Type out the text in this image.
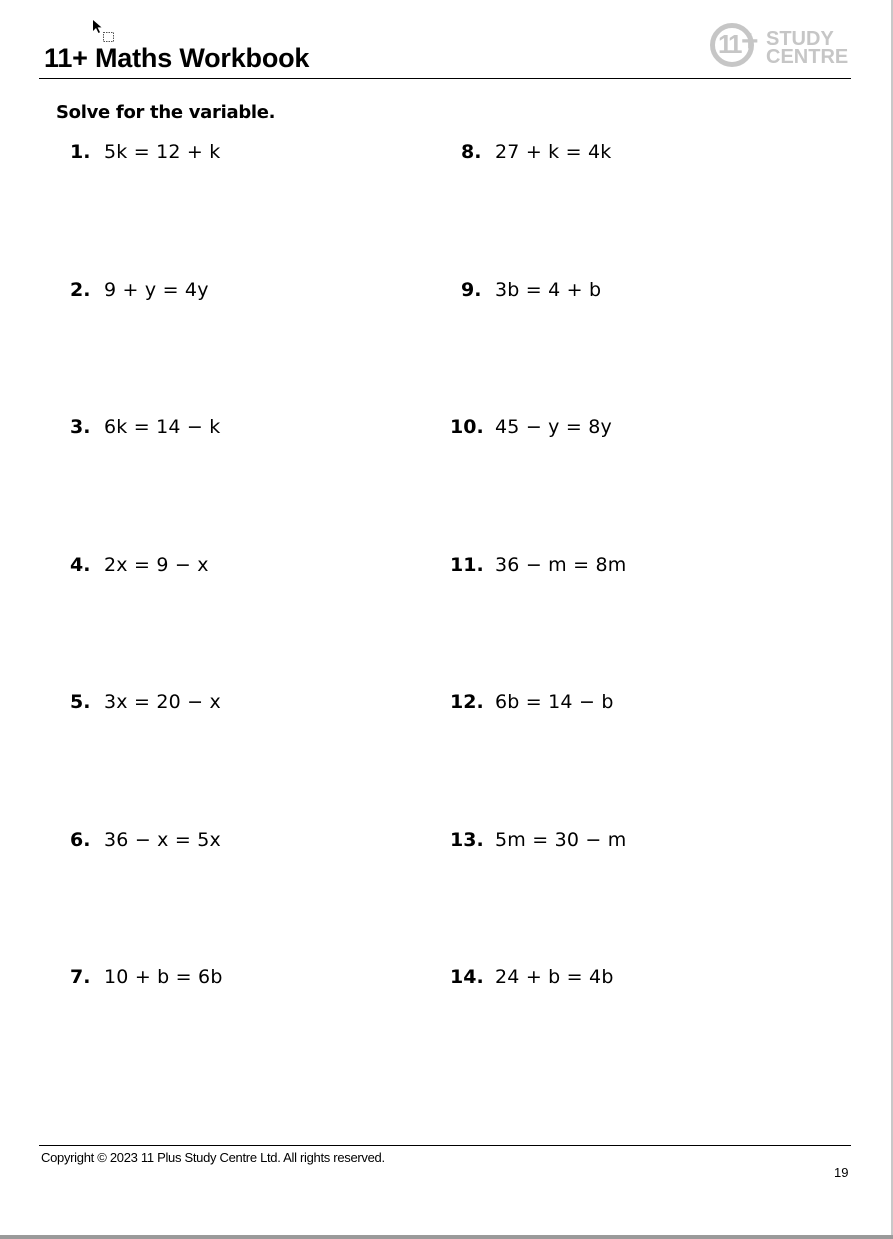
11+ Maths Workbook	11 + STUDY
CENTRE
Solve for the variable.
1. 5k = 12 + k
2. 9 + y = 4y
3. 6k = 14 − k
4. 2x = 9 − x
5. 3x = 20 − x
6. 36 − x = 5x
7. 10 + b = 6b
8. 27 + k = 4k
9. 3b = 4 + b
10. 45 − y = 8y
11. 36 − m = 8m
12. 6b = 14 − b
13. 5m = 30 − m
14. 24 + b = 4b
Copyright © 2023 11 Plus Study Centre Ltd. All rights reserved.
19
